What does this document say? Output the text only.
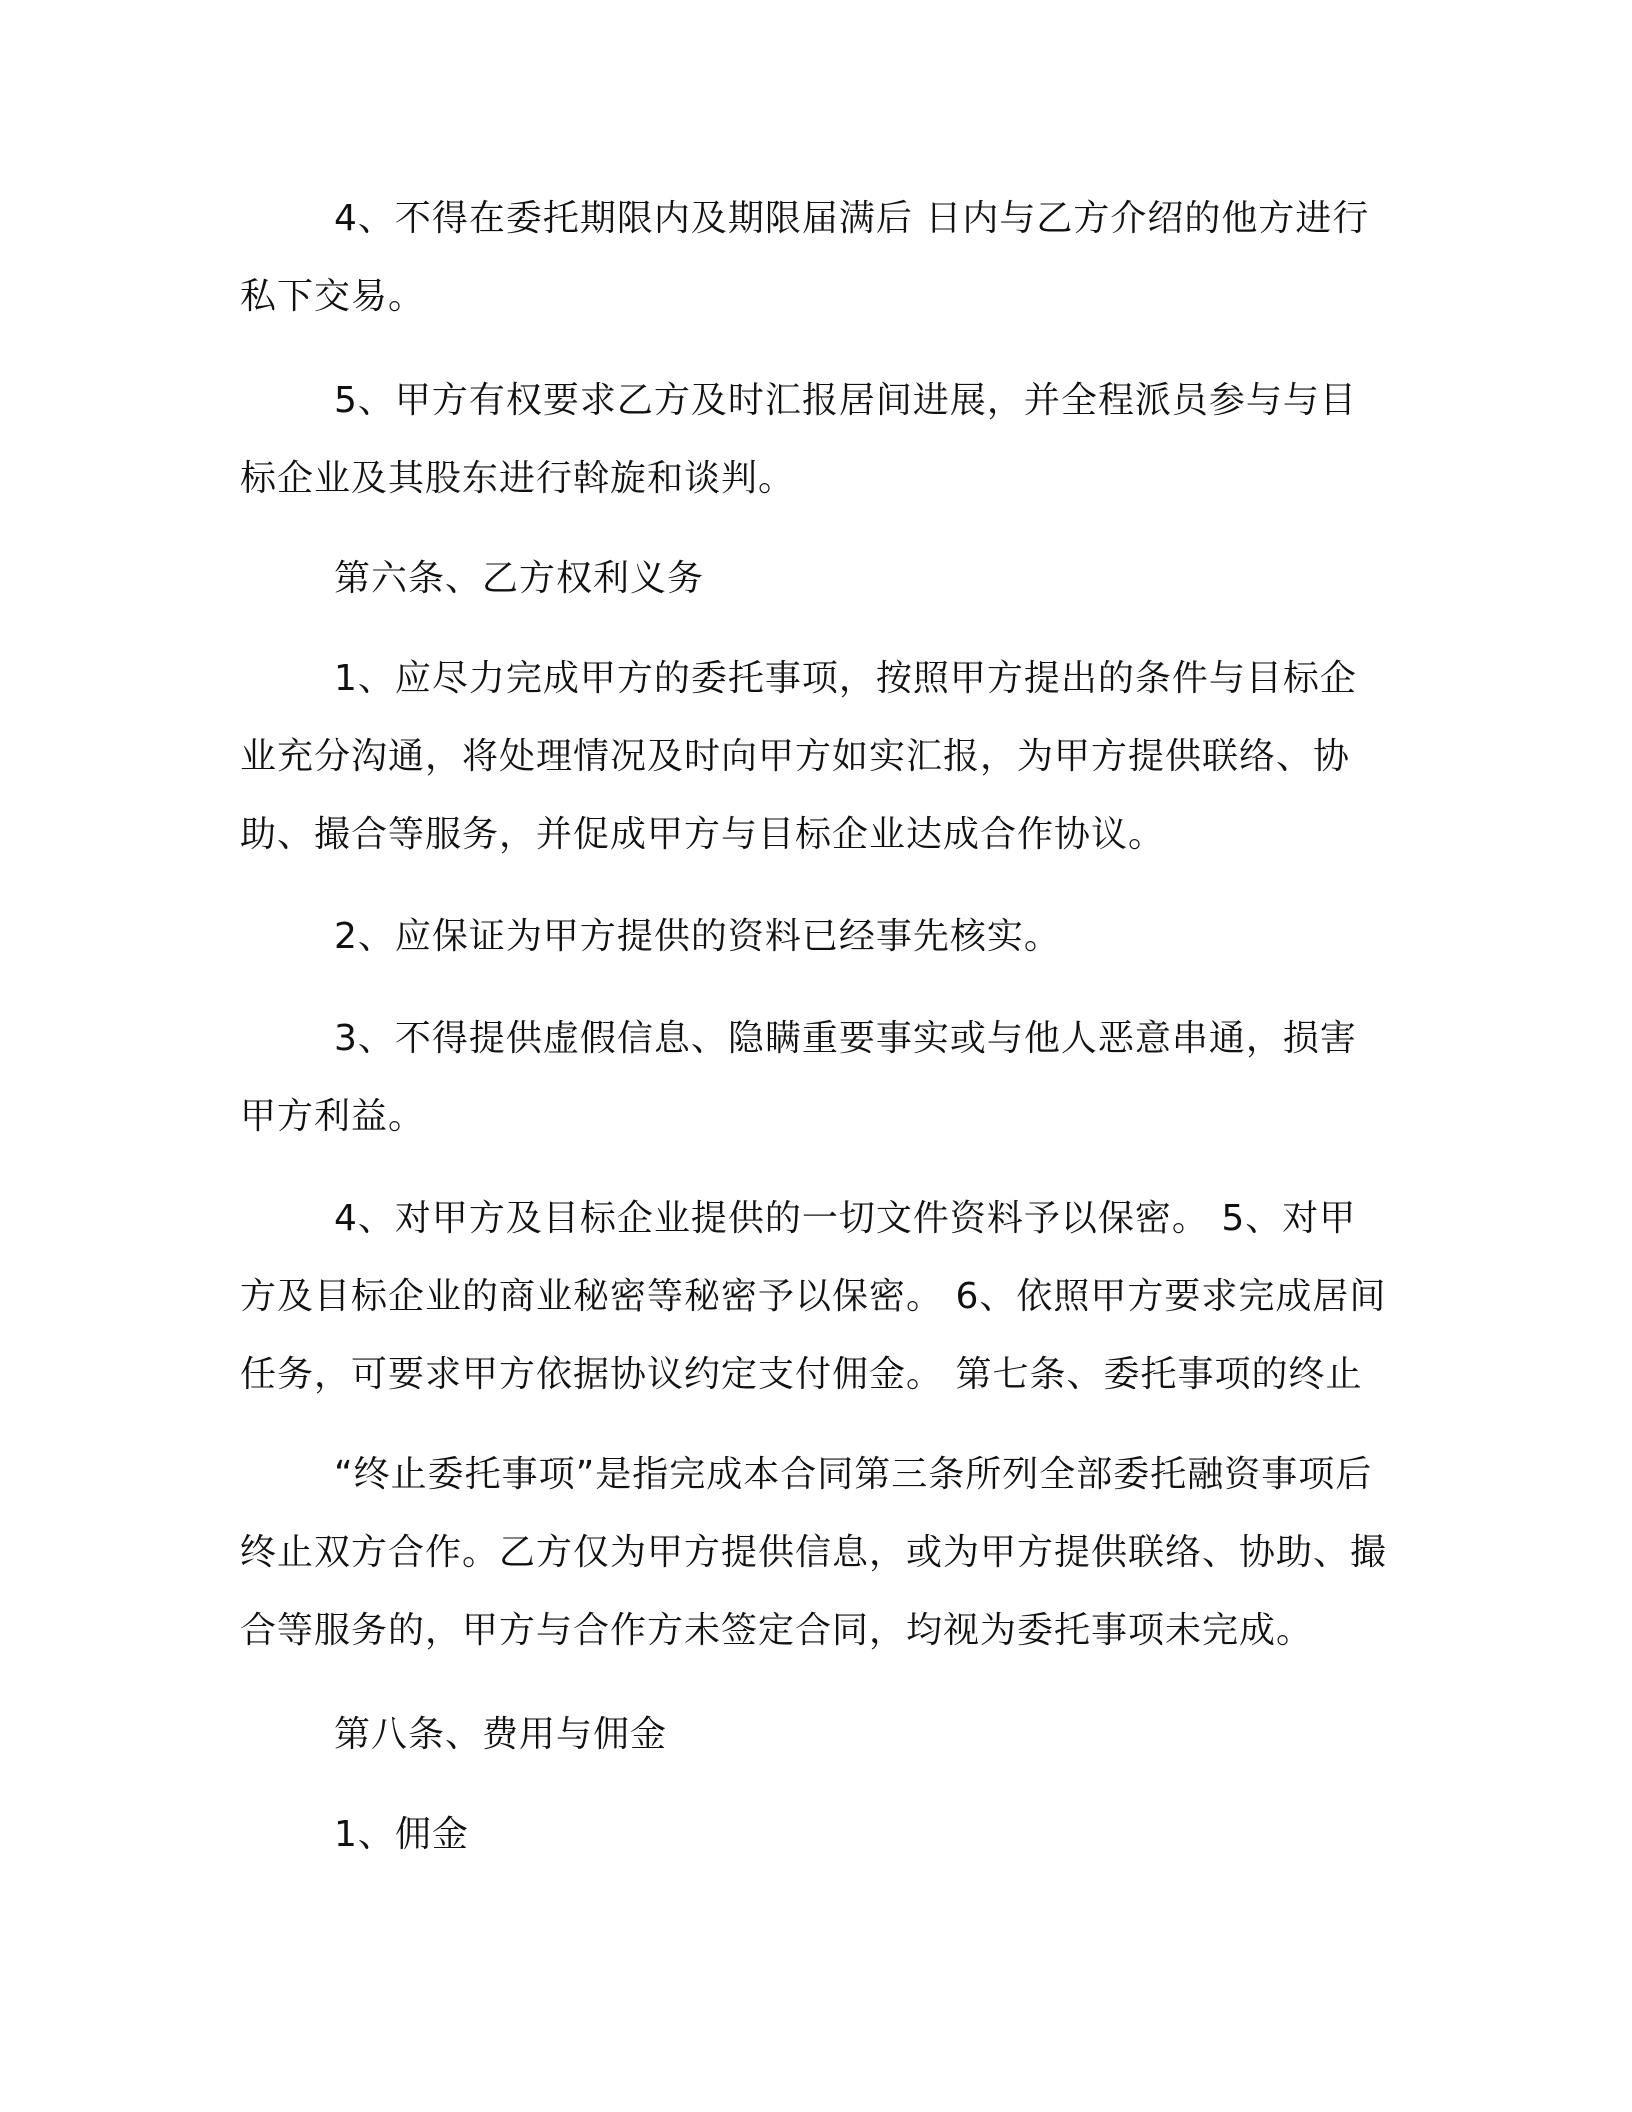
4、不得在委托期限内及期限届满后 日内与乙方介绍的他方进行私下交易。

5、甲方有权要求乙方及时汇报居间进展，并全程派员参与与目标企业及其股东进行斡旋和谈判。

第六条、乙方权利义务

1、应尽力完成甲方的委托事项，按照甲方提出的条件与目标企业充分沟通，将处理情况及时向甲方如实汇报，为甲方提供联络、协助、撮合等服务，并促成甲方与目标企业达成合作协议。

2、应保证为甲方提供的资料已经事先核实。

3、不得提供虚假信息、隐瞒重要事实或与他人恶意串通，损害甲方利益。

4、对甲方及目标企业提供的一切文件资料予以保密。 5、对甲方及目标企业的商业秘密等秘密予以保密。 6、依照甲方要求完成居间任务，可要求甲方依据协议约定支付佣金。 第七条、委托事项的终止

“终止委托事项”是指完成本合同第三条所列全部委托融资事项后终止双方合作。乙方仅为甲方提供信息，或为甲方提供联络、协助、撮合等服务的，甲方与合作方未签定合同，均视为委托事项未完成。

第八条、费用与佣金

1、佣金
